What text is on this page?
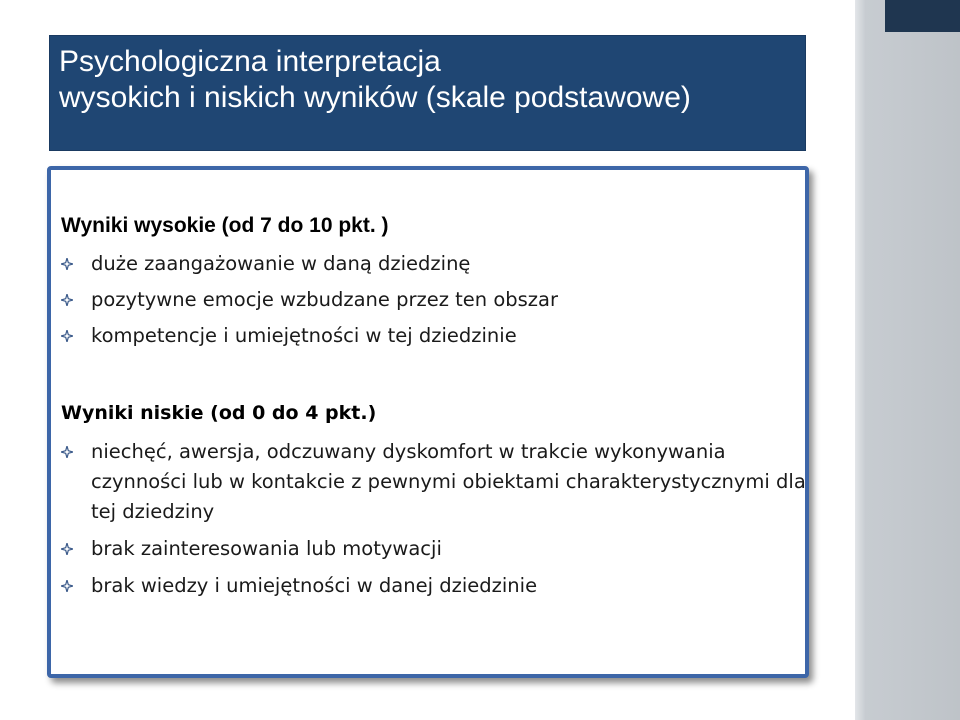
Psychologiczna interpretacja
wysokich i niskich wyników (skale podstawowe)

Wyniki wysokie (od 7 do 10 pkt. )

duże zaangażowanie w daną dziedzinę
pozytywne emocje wzbudzane przez ten obszar
kompetencje i umiejętności w tej dziedzinie

Wyniki niskie (od 0 do 4 pkt.)

niechęć, awersja, odczuwany dyskomfort w trakcie wykonywania czynności lub w kontakcie z pewnymi obiektami charakterystycznymi dla tej dziedziny
brak zainteresowania lub motywacji
brak wiedzy i umiejętności w danej dziedzinie
